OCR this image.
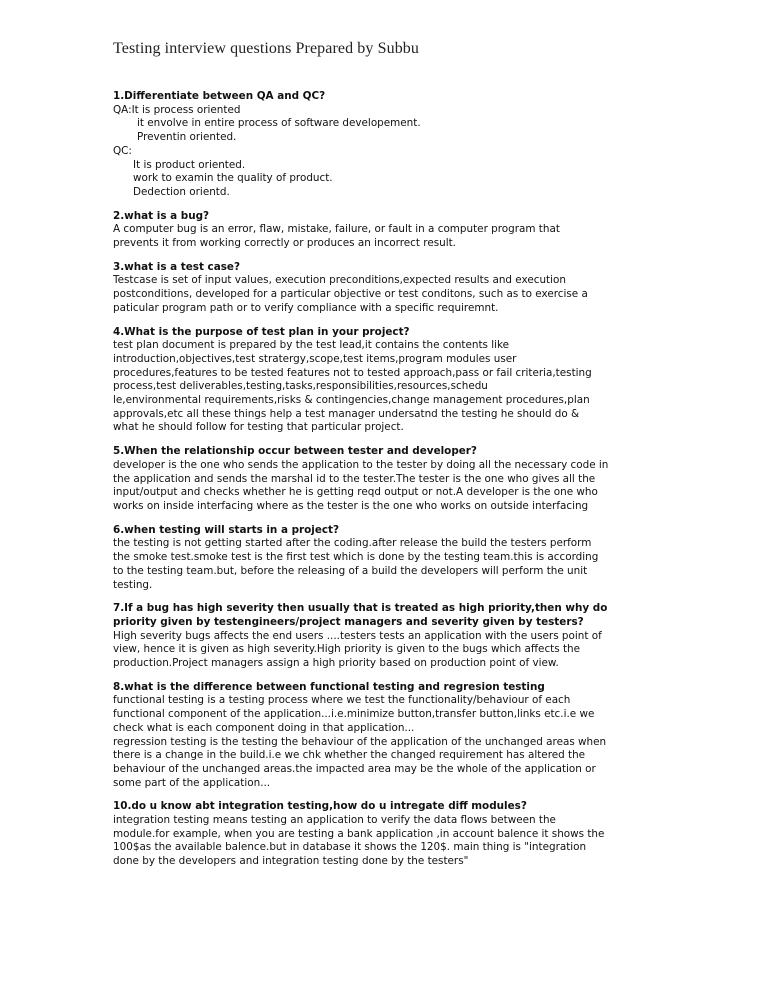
Testing interview questions Prepared by Subbu
1.Differentiate between QA and QC?
QA:It is process oriented
it envolve in entire process of software developement.
Preventin oriented.
QC:
It is product oriented.
work to examin the quality of product.
Dedection orientd.
2.what is a bug?
A computer bug is an error, flaw, mistake, failure, or fault in a computer program that
prevents it from working correctly or produces an incorrect result.
3.what is a test case?
Testcase is set of input values, execution preconditions,expected results and execution
postconditions, developed for a particular objective or test conditons, such as to exercise a
paticular program path or to verify compliance with a specific requiremnt.
4.What is the purpose of test plan in your project?
test plan document is prepared by the test lead,it contains the contents like
introduction,objectives,test stratergy,scope,test items,program modules user
procedures,features to be tested features not to tested approach,pass or fail criteria,testing
process,test deliverables,testing,tasks,responsibilities,resources,schedu
le,environmental requirements,risks & contingencies,change management procedures,plan
approvals,etc all these things help a test manager undersatnd the testing he should do &
what he should follow for testing that particular project.
5.When the relationship occur between tester and developer?
developer is the one who sends the application to the tester by doing all the necessary code in
the application and sends the marshal id to the tester.The tester is the one who gives all the
input/output and checks whether he is getting reqd output or not.A developer is the one who
works on inside interfacing where as the tester is the one who works on outside interfacing
6.when testing will starts in a project?
the testing is not getting started after the coding.after release the build the testers perform
the smoke test.smoke test is the first test which is done by the testing team.this is according
to the testing team.but, before the releasing of a build the developers will perform the unit
testing.
7.If a bug has high severity then usually that is treated as high priority,then why do
priority given by testengineers/project managers and severity given by testers?
High severity bugs affects the end users ....testers tests an application with the users point of
view, hence it is given as high severity.High priority is given to the bugs which affects the
production.Project managers assign a high priority based on production point of view.
8.what is the difference between functional testing and regresion testing
functional testing is a testing process where we test the functionality/behaviour of each
functional component of the application...i.e.minimize button,transfer button,links etc.i.e we
check what is each component doing in that application...
regression testing is the testing the behaviour of the application of the unchanged areas when
there is a change in the build.i.e we chk whether the changed requirement has altered the
behaviour of the unchanged areas.the impacted area may be the whole of the application or
some part of the application...
10.do u know abt integration testing,how do u intregate diff modules?
integration testing means testing an application to verify the data flows between the
module.for example, when you are testing a bank application ,in account balence it shows the
100$as the available balence.but in database it shows the 120$. main thing is "integration
done by the developers and integration testing done by the testers"
